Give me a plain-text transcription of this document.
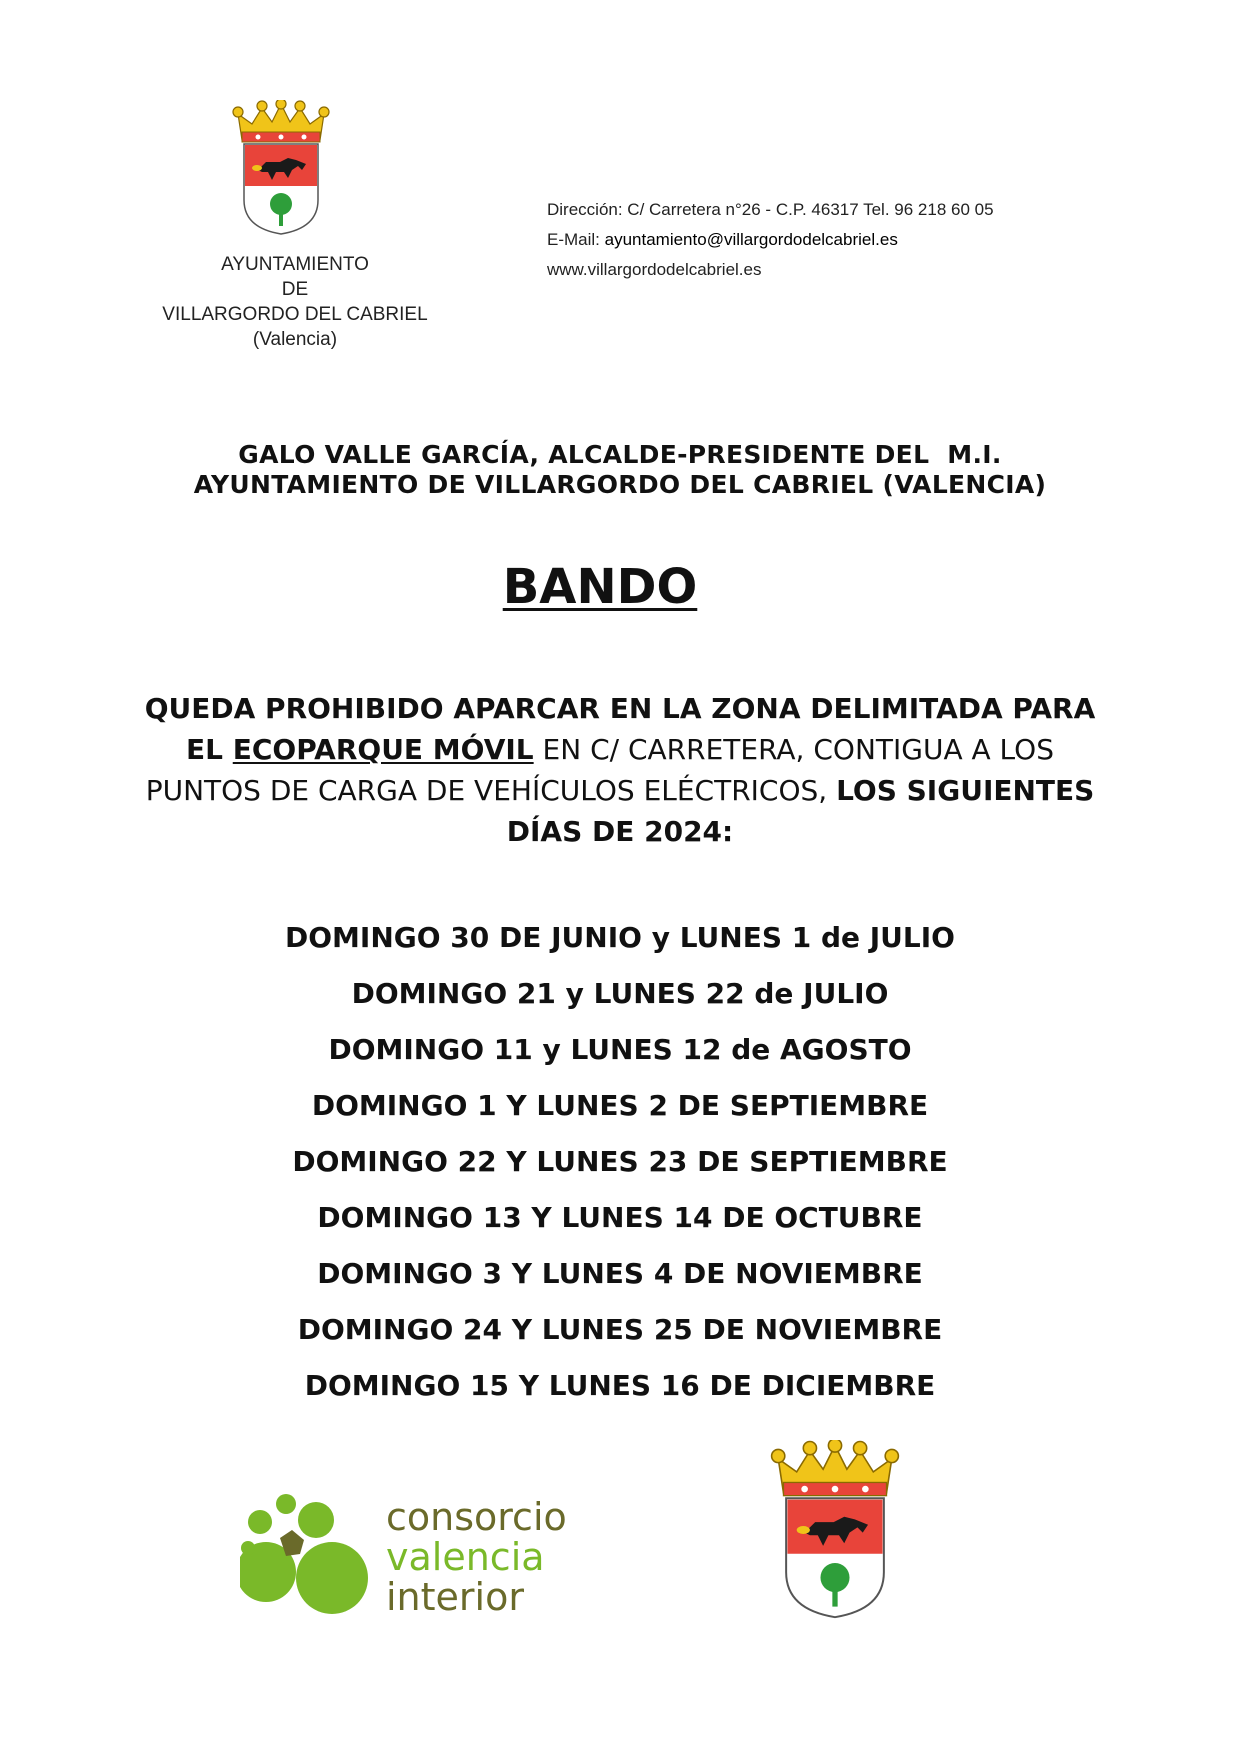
AYUNTAMIENTO
DE
VILLARGORDO DEL CABRIEL
(Valencia)
Dirección: C/ Carretera n°26 - C.P. 46317 Tel. 96 218 60 05
E-Mail: ayuntamiento@villargordodelcabriel.es
www.villargordodelcabriel.es
GALO VALLE GARCÍA, ALCALDE-PRESIDENTE DEL  M.I.
AYUNTAMIENTO DE VILLARGORDO DEL CABRIEL (VALENCIA)
BANDO
QUEDA PROHIBIDO APARCAR EN LA ZONA DELIMITADA PARA EL ECOPARQUE MÓVIL EN C/ CARRETERA, CONTIGUA A LOS PUNTOS DE CARGA DE VEHÍCULOS ELÉCTRICOS, LOS SIGUIENTES DÍAS DE 2024:
DOMINGO 30 DE JUNIO y LUNES 1 de JULIO
DOMINGO 21 y LUNES 22 de JULIO
DOMINGO 11 y LUNES 12 de AGOSTO
DOMINGO 1 Y LUNES 2 DE SEPTIEMBRE
DOMINGO 22 Y LUNES 23 DE SEPTIEMBRE
DOMINGO 13 Y LUNES 14 DE OCTUBRE
DOMINGO 3 Y LUNES 4 DE NOVIEMBRE
DOMINGO 24 Y LUNES 25 DE NOVIEMBRE
DOMINGO 15 Y LUNES 16 DE DICIEMBRE
consorcio
valencia
interior
